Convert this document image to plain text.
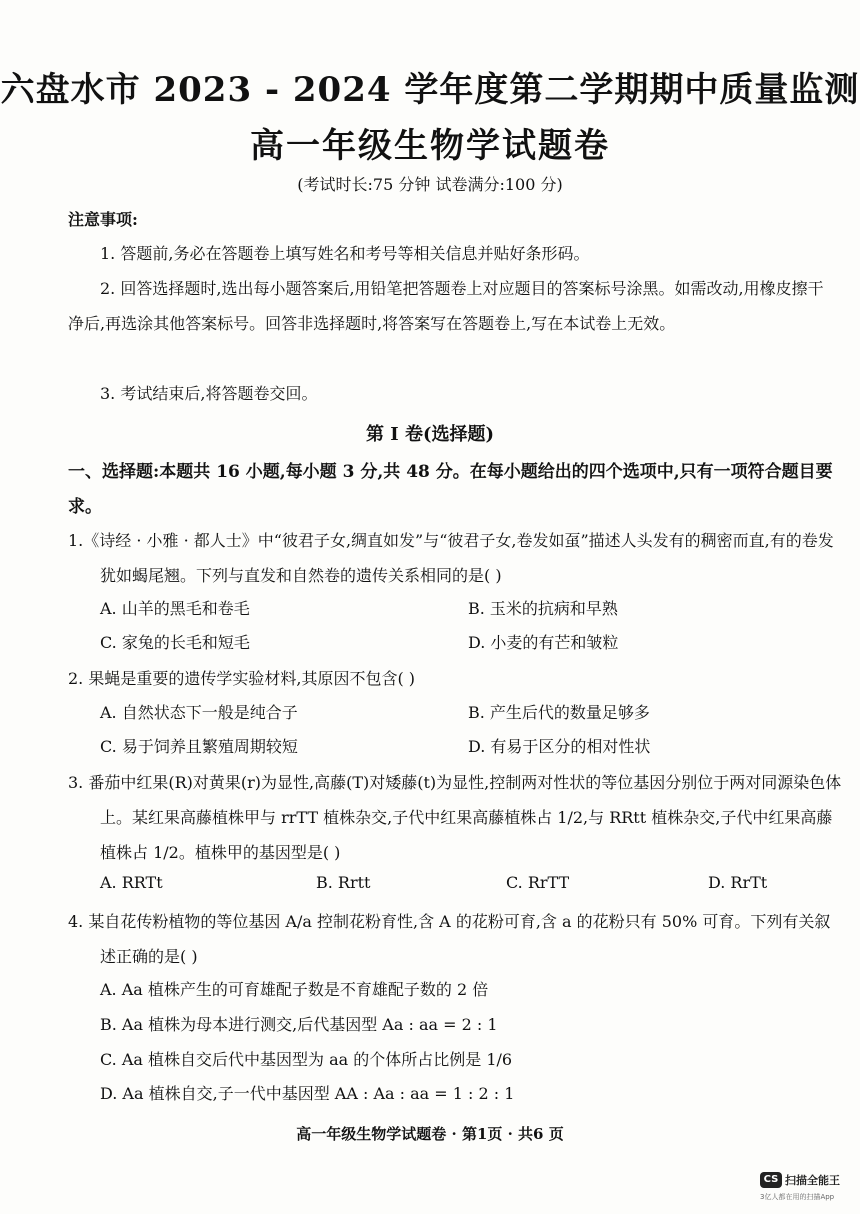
六盘水市 2023 - 2024 学年度第二学期期中质量监测
高一年级生物学试题卷
(考试时长:75 分钟 试卷满分:100 分)
注意事项:
1. 答题前,务必在答题卷上填写姓名和考号等相关信息并贴好条形码。
2. 回答选择题时,选出每小题答案后,用铅笔把答题卷上对应题目的答案标号涂黑。如需改动,用橡皮擦干净后,再选涂其他答案标号。回答非选择题时,将答案写在答题卷上,写在本试卷上无效。
3. 考试结束后,将答题卷交回。
第 I 卷(选择题)
一、选择题:本题共 16 小题,每小题 3 分,共 48 分。在每小题给出的四个选项中,只有一项符合题目要求。
1.《诗经 · 小雅 · 都人士》中“彼君子女,绸直如发”与“彼君子女,卷发如虿”描述人头发有的稠密而直,有的卷发犹如蝎尾翘。下列与直发和自然卷的遗传关系相同的是( )
A. 山羊的黑毛和卷毛	B. 玉米的抗病和早熟
C. 家兔的长毛和短毛	D. 小麦的有芒和皱粒
2. 果蝇是重要的遗传学实验材料,其原因不包含( )
A. 自然状态下一般是纯合子	B. 产生后代的数量足够多
C. 易于饲养且繁殖周期较短	D. 有易于区分的相对性状
3. 番茄中红果(R)对黄果(r)为显性,高藤(T)对矮藤(t)为显性,控制两对性状的等位基因分别位于两对同源染色体上。某红果高藤植株甲与 rrTT 植株杂交,子代中红果高藤植株占 1/2,与 RRtt 植株杂交,子代中红果高藤植株占 1/2。植株甲的基因型是( )
A. RRTt	B. Rrtt	C. RrTT	D. RrTt
4. 某自花传粉植物的等位基因 A/a 控制花粉育性,含 A 的花粉可育,含 a 的花粉只有 50% 可育。下列有关叙述正确的是( )
A. Aa 植株产生的可育雄配子数是不育雄配子数的 2 倍
B. Aa 植株为母本进行测交,后代基因型 Aa : aa = 2 : 1
C. Aa 植株自交后代中基因型为 aa 的个体所占比例是 1/6
D. Aa 植株自交,子一代中基因型 AA : Aa : aa = 1 : 2 : 1
高一年级生物学试题卷 · 第1页 · 共6 页
CS 扫描全能王
3亿人都在用的扫描App
